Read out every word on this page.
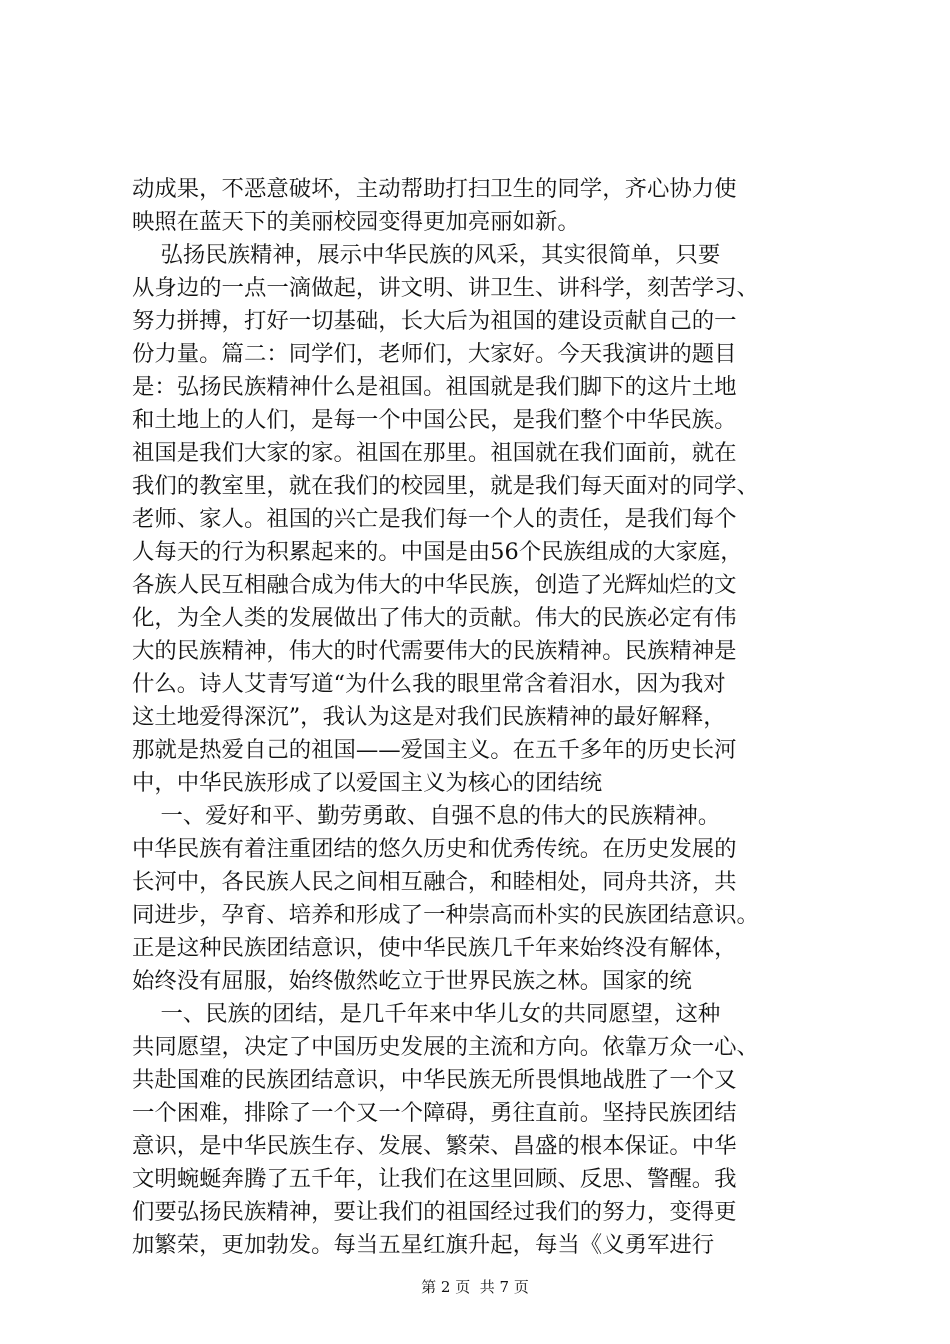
动成果，不恶意破坏，主动帮助打扫卫生的同学，齐心协力使
映照在蓝天下的美丽校园变得更加亮丽如新。
弘扬民族精神，展示中华民族的风采，其实很简单，只要
从身边的一点一滴做起，讲文明、讲卫生、讲科学，刻苦学习、
努力拼搏，打好一切基础，长大后为祖国的建设贡献自己的一
份力量。篇二：同学们，老师们，大家好。今天我演讲的题目
是：弘扬民族精神什么是祖国。祖国就是我们脚下的这片土地
和土地上的人们，是每一个中国公民，是我们整个中华民族。
祖国是我们大家的家。祖国在那里。祖国就在我们面前，就在
我们的教室里，就在我们的校园里，就是我们每天面对的同学、
老师、家人。祖国的兴亡是我们每一个人的责任，是我们每个
人每天的行为积累起来的。中国是由56个民族组成的大家庭，
各族人民互相融合成为伟大的中华民族，创造了光辉灿烂的文
化，为全人类的发展做出了伟大的贡献。伟大的民族必定有伟
大的民族精神，伟大的时代需要伟大的民族精神。民族精神是
什么。诗人艾青写道“为什么我的眼里常含着泪水，因为我对
这土地爱得深沉”，我认为这是对我们民族精神的最好解释，
那就是热爱自己的祖国——爱国主义。在五千多年的历史长河
中，中华民族形成了以爱国主义为核心的团结统
一、爱好和平、勤劳勇敢、自强不息的伟大的民族精神。
中华民族有着注重团结的悠久历史和优秀传统。在历史发展的
长河中，各民族人民之间相互融合，和睦相处，同舟共济，共
同进步，孕育、培养和形成了一种崇高而朴实的民族团结意识。
正是这种民族团结意识，使中华民族几千年来始终没有解体，
始终没有屈服，始终傲然屹立于世界民族之林。国家的统
一、民族的团结，是几千年来中华儿女的共同愿望，这种
共同愿望，决定了中国历史发展的主流和方向。依靠万众一心、
共赴国难的民族团结意识，中华民族无所畏惧地战胜了一个又
一个困难，排除了一个又一个障碍，勇往直前。坚持民族团结
意识，是中华民族生存、发展、繁荣、昌盛的根本保证。中华
文明蜿蜒奔腾了五千年，让我们在这里回顾、反思、警醒。我
们要弘扬民族精神，要让我们的祖国经过我们的努力，变得更
加繁荣，更加勃发。每当五星红旗升起，每当《义勇军进行
第 2 页  共 7 页
